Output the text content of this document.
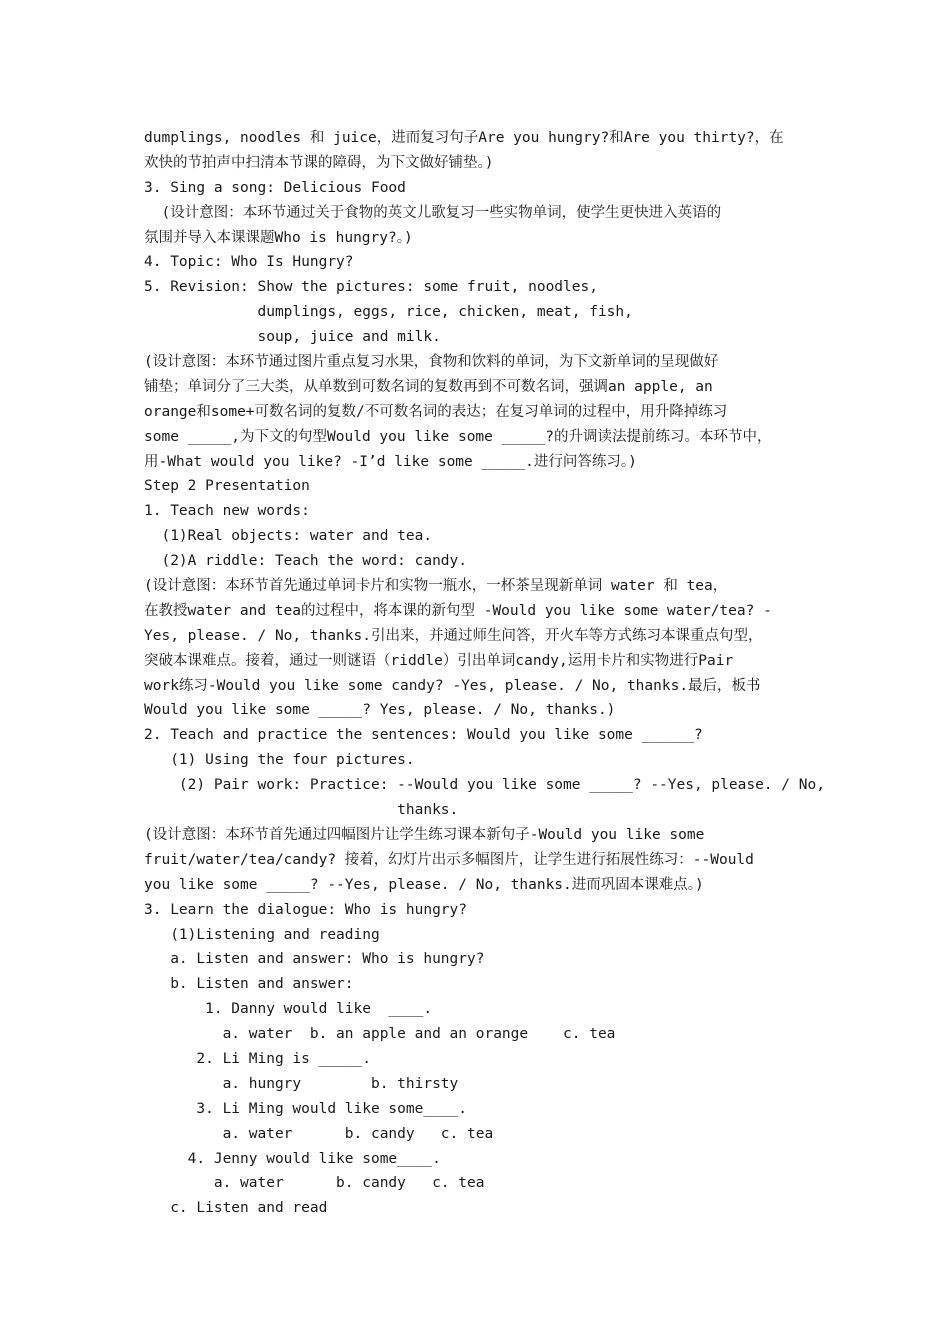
dumplings, noodles 和 juice，进而复习句子Are you hungry?和Are you thirty?，在
欢快的节拍声中扫清本节课的障碍，为下文做好铺垫。)
3. Sing a song: Delicious Food
(设计意图：本环节通过关于食物的英文儿歌复习一些实物单词，使学生更快进入英语的
氛围并导入本课课题Who is hungry?。)
4. Topic: Who Is Hungry?
5. Revision: Show the pictures: some fruit, noodles,
dumplings, eggs, rice, chicken, meat, fish,
soup, juice and milk.
(设计意图：本环节通过图片重点复习水果，食物和饮料的单词，为下文新单词的呈现做好
铺垫；单词分了三大类，从单数到可数名词的复数再到不可数名词，强调an apple, an
orange和some+可数名词的复数/不可数名词的表达；在复习单词的过程中，用升降掉练习
some _____,为下文的句型Would you like some _____?的升调读法提前练习。本环节中，
用-What would you like? -I’d like some _____.进行问答练习。)
Step 2 Presentation
1. Teach new words:
(1)Real objects: water and tea.
(2)A riddle: Teach the word: candy.
(设计意图：本环节首先通过单词卡片和实物一瓶水，一杯茶呈现新单词 water 和 tea，
在教授water and tea的过程中，将本课的新句型 -Would you like some water/tea? -
Yes, please. / No, thanks.引出来，并通过师生问答，开火车等方式练习本课重点句型，
突破本课难点。接着，通过一则谜语（riddle）引出单词candy,运用卡片和实物进行Pair
work练习-Would you like some candy? -Yes, please. / No, thanks.最后，板书
Would you like some _____? Yes, please. / No, thanks.)
2. Teach and practice the sentences: Would you like some ______?
(1) Using the four pictures.
(2) Pair work: Practice: --Would you like some _____? --Yes, please. / No,
thanks.
(设计意图：本环节首先通过四幅图片让学生练习课本新句子-Would you like some
fruit/water/tea/candy? 接着，幻灯片出示多幅图片，让学生进行拓展性练习：--Would
you like some _____? --Yes, please. / No, thanks.进而巩固本课难点。)
3. Learn the dialogue: Who is hungry?
(1)Listening and reading
a. Listen and answer: Who is hungry?
b. Listen and answer:
1. Danny would like  ____.
a. water  b. an apple and an orange    c. tea
2. Li Ming is _____.
a. hungry        b. thirsty
3. Li Ming would like some____.
a. water      b. candy   c. tea
4. Jenny would like some____.
a. water      b. candy   c. tea
c. Listen and read
